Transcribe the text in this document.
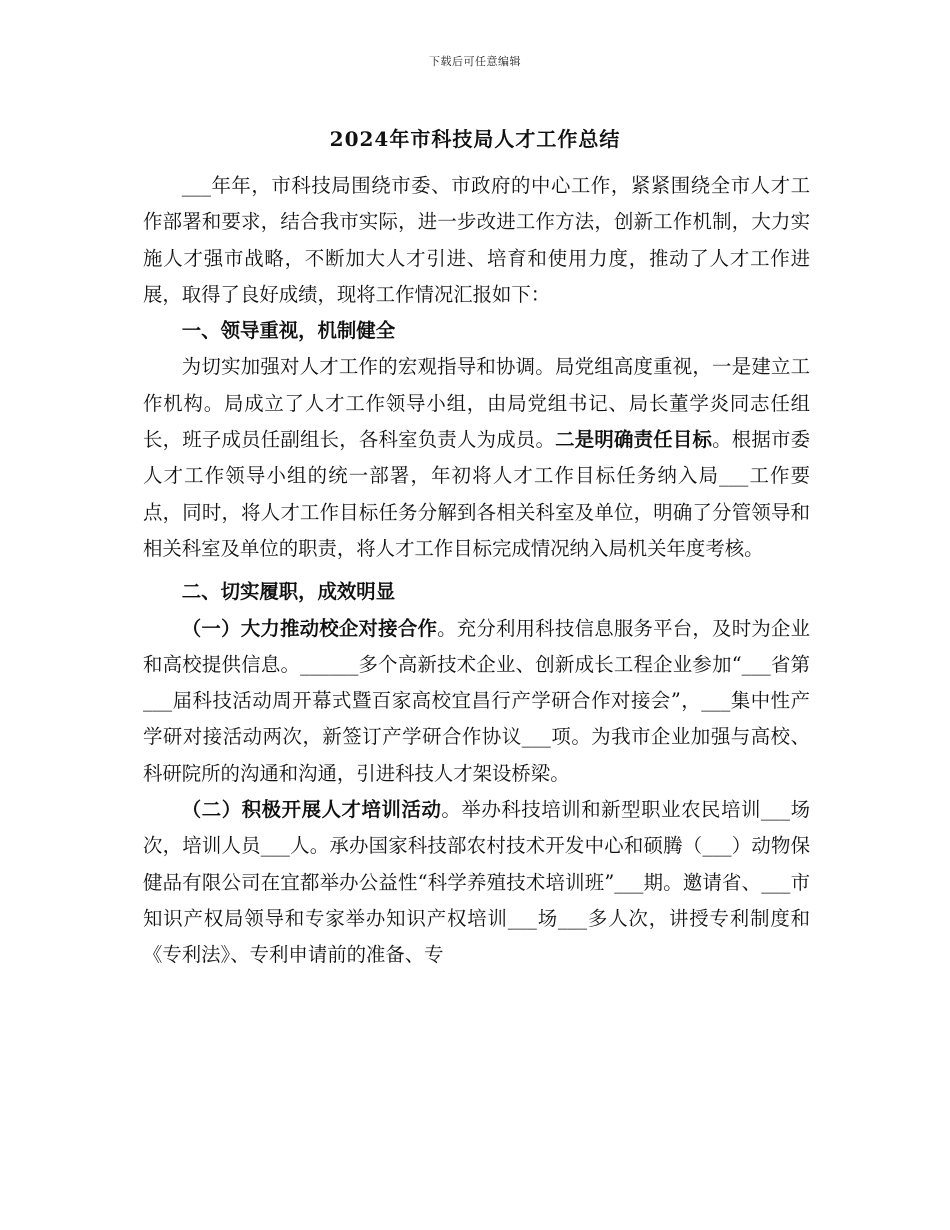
下载后可任意编辑
2024年市科技局人才工作总结

___年年，市科技局围绕市委、市政府的中心工作，紧紧围绕全市人才工作部署和要求，结合我市实际，进一步改进工作方法，创新工作机制，大力实施人才强市战略，不断加大人才引进、培育和使用力度，推动了人才工作进展，取得了良好成绩，现将工作情况汇报如下：

一、领导重视，机制健全

为切实加强对人才工作的宏观指导和协调。局党组高度重视，一是建立工作机构。局成立了人才工作领导小组，由局党组书记、局长董学炎同志任组长，班子成员任副组长，各科室负责人为成员。二是明确责任目标。根据市委人才工作领导小组的统一部署，年初将人才工作目标任务纳入局___工作要点，同时，将人才工作目标任务分解到各相关科室及单位，明确了分管领导和相关科室及单位的职责，将人才工作目标完成情况纳入局机关年度考核。

二、切实履职，成效明显

（一）大力推动校企对接合作。充分利用科技信息服务平台，及时为企业和高校提供信息。______多个高新技术企业、创新成长工程企业参加“___省第___届科技活动周开幕式暨百家高校宜昌行产学研合作对接会”，___集中性产学研对接活动两次，新签订产学研合作协议___项。为我市企业加强与高校、科研院所的沟通和沟通，引进科技人才架设桥梁。

（二）积极开展人才培训活动。举办科技培训和新型职业农民培训___场次，培训人员___人。承办国家科技部农村技术开发中心和硕腾（___）动物保健品有限公司在宜都举办公益性“科学养殖技术培训班”___期。邀请省、___市知识产权局领导和专家举办知识产权培训___场___多人次，讲授专利制度和《专利法》、专利申请前的准备、专
